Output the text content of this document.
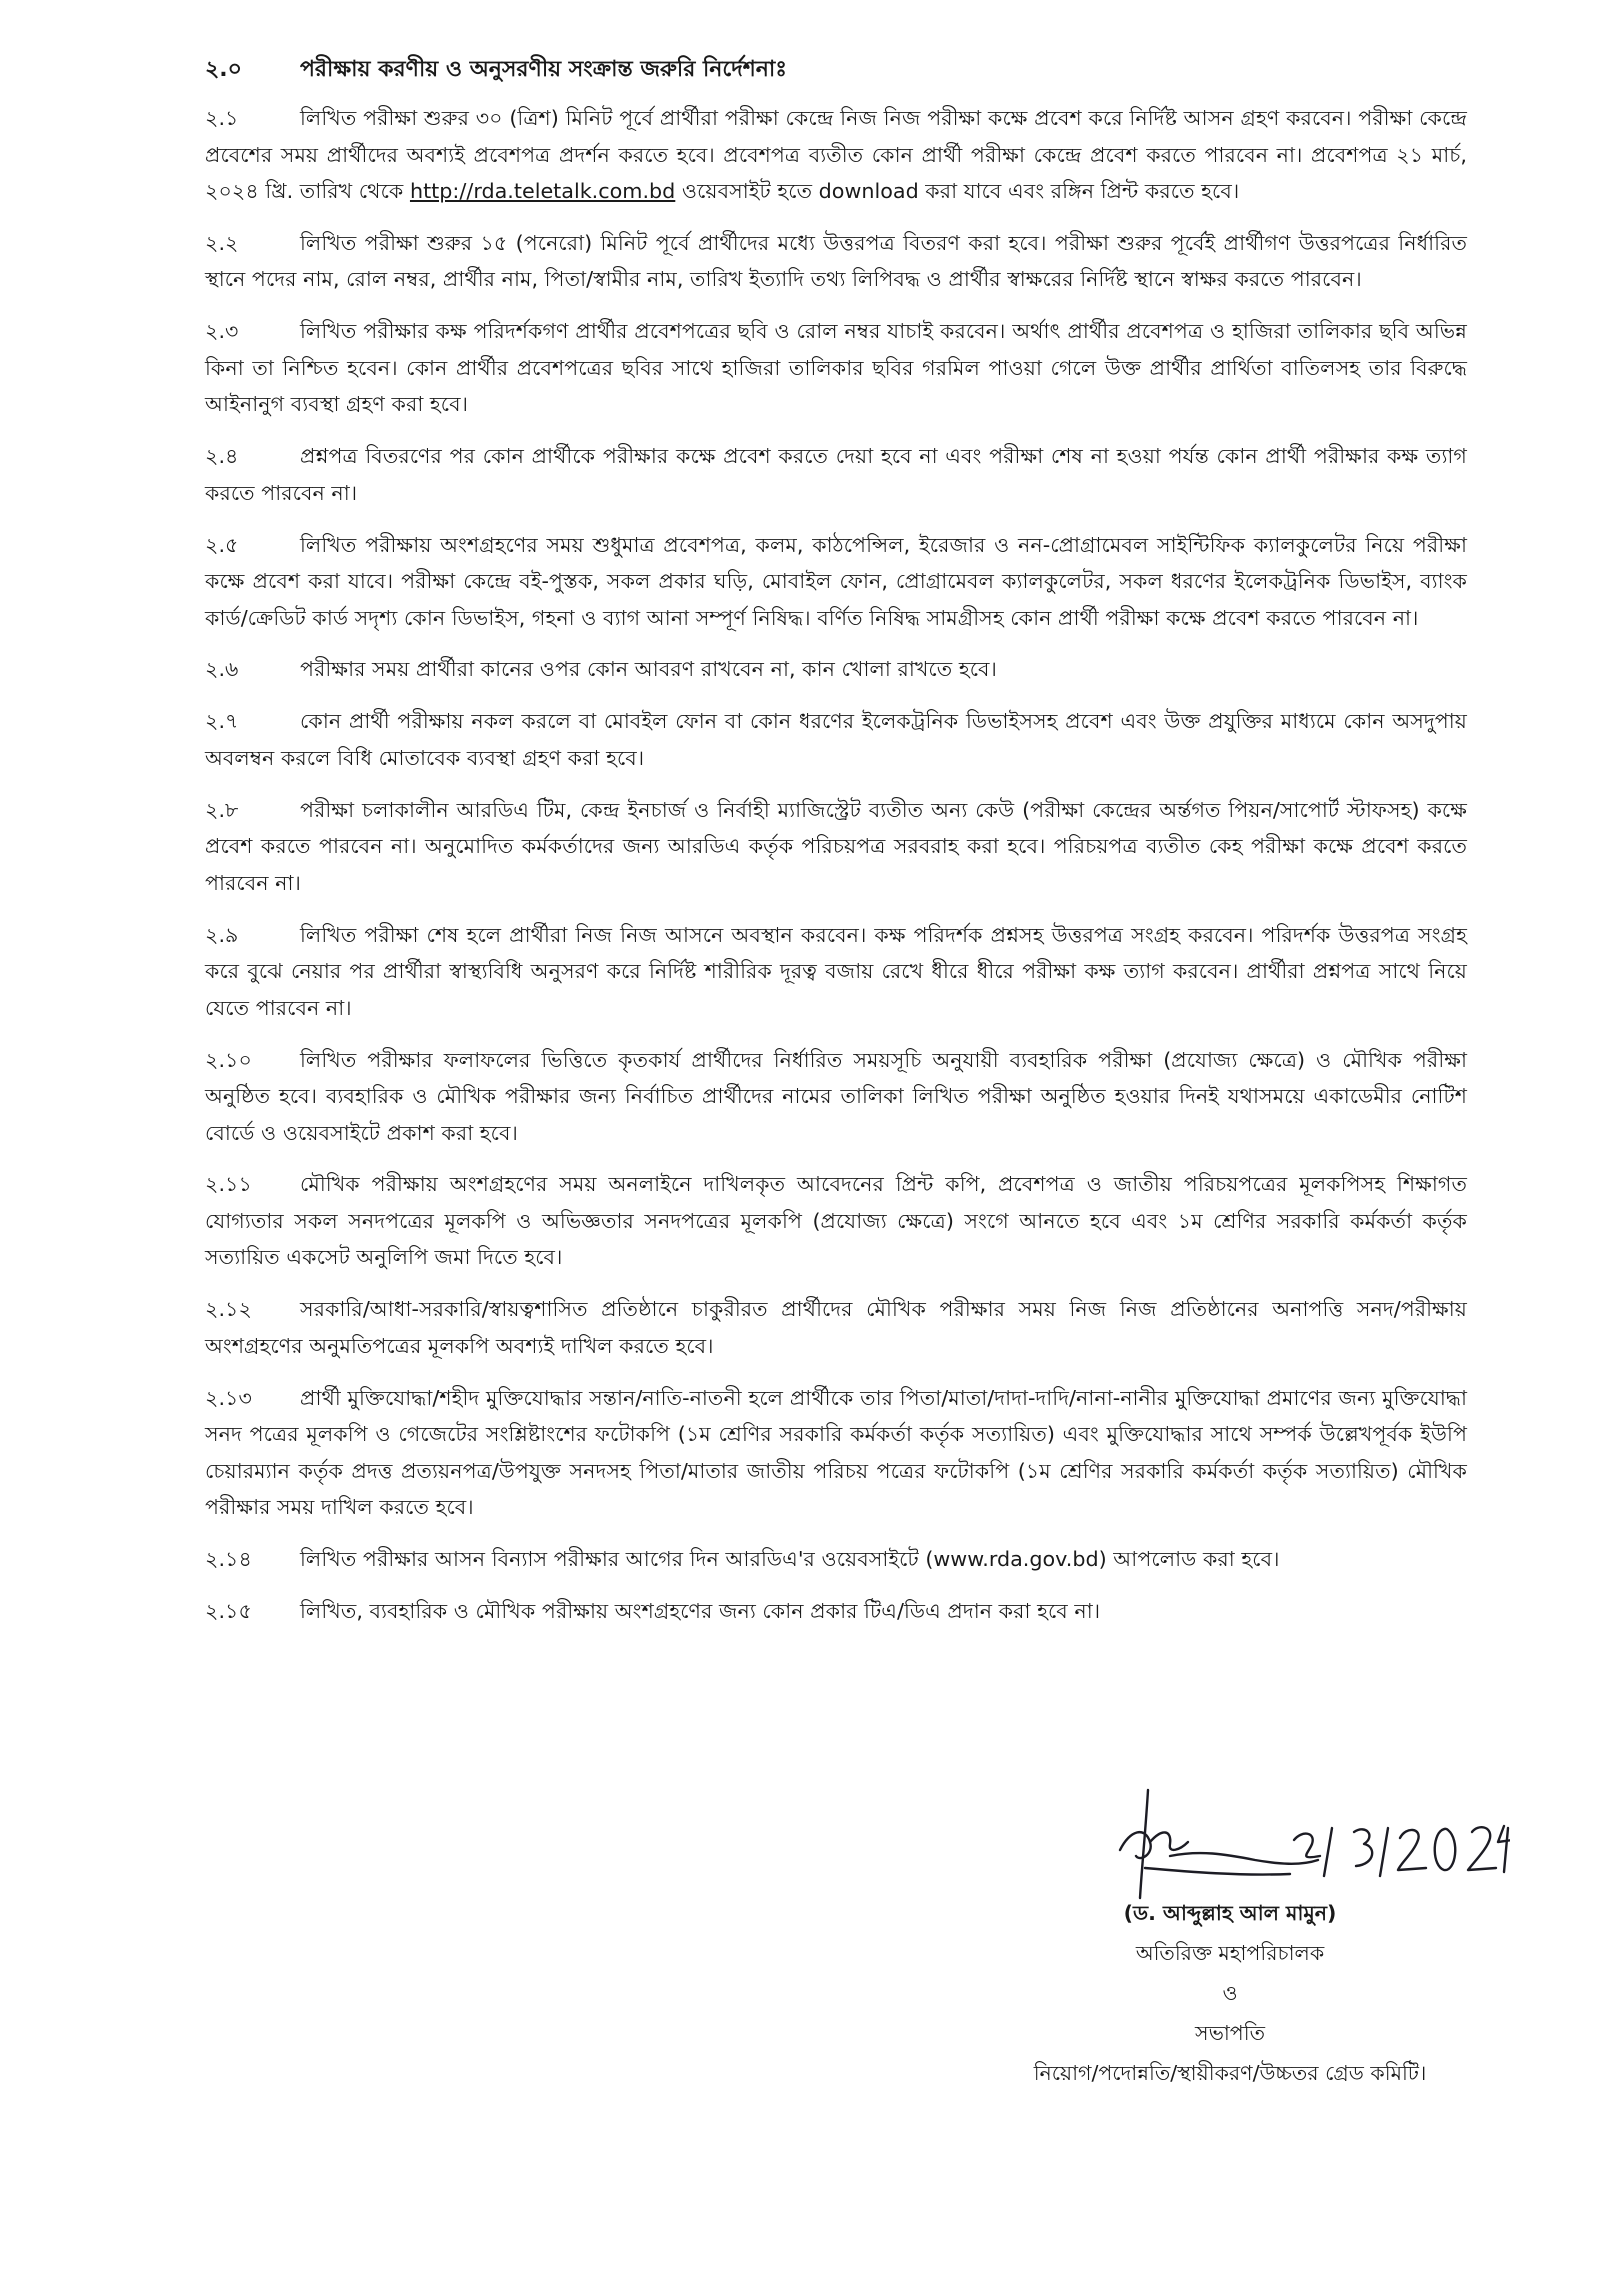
২.০	পরীক্ষায় করণীয় ও অনুসরণীয় সংক্রান্ত জরুরি নির্দেশনাঃ
২.১	লিখিত পরীক্ষা শুরুর ৩০ (ত্রিশ) মিনিট পূর্বে প্রার্থীরা পরীক্ষা কেন্দ্রে নিজ নিজ পরীক্ষা কক্ষে প্রবেশ করে নির্দিষ্ট আসন গ্রহণ করবেন। পরীক্ষা কেন্দ্রে প্রবেশের সময় প্রার্থীদের অবশ্যই প্রবেশপত্র প্রদর্শন করতে হবে। প্রবেশপত্র ব্যতীত কোন প্রার্থী পরীক্ষা কেন্দ্রে প্রবেশ করতে পারবেন না। প্রবেশপত্র ২১ মার্চ, ২০২৪ খ্রি. তারিখ থেকে http://rda.teletalk.com.bd ওয়েবসাইট হতে download করা যাবে এবং রঙ্গিন প্রিন্ট করতে হবে।
২.২	লিখিত পরীক্ষা শুরুর ১৫ (পনেরো) মিনিট পূর্বে প্রার্থীদের মধ্যে উত্তরপত্র বিতরণ করা হবে। পরীক্ষা শুরুর পূর্বেই প্রার্থীগণ উত্তরপত্রের নির্ধারিত স্থানে পদের নাম, রোল নম্বর, প্রার্থীর নাম, পিতা/স্বামীর নাম, তারিখ ইত্যাদি তথ্য লিপিবদ্ধ ও প্রার্থীর স্বাক্ষরের নির্দিষ্ট স্থানে স্বাক্ষর করতে পারবেন।
২.৩	লিখিত পরীক্ষার কক্ষ পরিদর্শকগণ প্রার্থীর প্রবেশপত্রের ছবি ও রোল নম্বর যাচাই করবেন। অর্থাৎ প্রার্থীর প্রবেশপত্র ও হাজিরা তালিকার ছবি অভিন্ন কিনা তা নিশ্চিত হবেন। কোন প্রার্থীর প্রবেশপত্রের ছবির সাথে হাজিরা তালিকার ছবির গরমিল পাওয়া গেলে উক্ত প্রার্থীর প্রার্থিতা বাতিলসহ তার বিরুদ্ধে আইনানুগ ব্যবস্থা গ্রহণ করা হবে।
২.৪	প্রশ্নপত্র বিতরণের পর কোন প্রার্থীকে পরীক্ষার কক্ষে প্রবেশ করতে দেয়া হবে না এবং পরীক্ষা শেষ না হওয়া পর্যন্ত কোন প্রার্থী পরীক্ষার কক্ষ ত্যাগ করতে পারবেন না।
২.৫	লিখিত পরীক্ষায় অংশগ্রহণের সময় শুধুমাত্র প্রবেশপত্র, কলম, কাঠপেন্সিল, ইরেজার ও নন-প্রোগ্রামেবল সাইন্টিফিক ক্যালকুলেটর নিয়ে পরীক্ষা কক্ষে প্রবেশ করা যাবে। পরীক্ষা কেন্দ্রে বই-পুস্তক, সকল প্রকার ঘড়ি, মোবাইল ফোন, প্রোগ্রামেবল ক্যালকুলেটর, সকল ধরণের ইলেকট্রনিক ডিভাইস, ব্যাংক কার্ড/ক্রেডিট কার্ড সদৃশ্য কোন ডিভাইস, গহনা ও ব্যাগ আনা সম্পূর্ণ নিষিদ্ধ। বর্ণিত নিষিদ্ধ সামগ্রীসহ কোন প্রার্থী পরীক্ষা কক্ষে প্রবেশ করতে পারবেন না।
২.৬	পরীক্ষার সময় প্রার্থীরা কানের ওপর কোন আবরণ রাখবেন না, কান খোলা রাখতে হবে।
২.৭	কোন প্রার্থী পরীক্ষায় নকল করলে বা মোবইল ফোন বা কোন ধরণের ইলেকট্রনিক ডিভাইসসহ প্রবেশ এবং উক্ত প্রযুক্তির মাধ্যমে কোন অসদুপায় অবলম্বন করলে বিধি মোতাবেক ব্যবস্থা গ্রহণ করা হবে।
২.৮	পরীক্ষা চলাকালীন আরডিএ টিম, কেন্দ্র ইনচার্জ ও নির্বাহী ম্যাজিস্ট্রেট ব্যতীত অন্য কেউ (পরীক্ষা কেন্দ্রের অর্ন্তগত পিয়ন/সাপোর্ট স্টাফসহ) কক্ষে প্রবেশ করতে পারবেন না। অনুমোদিত কর্মকর্তাদের জন্য আরডিএ কর্তৃক পরিচয়পত্র সরবরাহ করা হবে। পরিচয়পত্র ব্যতীত কেহ পরীক্ষা কক্ষে প্রবেশ করতে পারবেন না।
২.৯	লিখিত পরীক্ষা শেষ হলে প্রার্থীরা নিজ নিজ আসনে অবস্থান করবেন। কক্ষ পরিদর্শক প্রশ্নসহ উত্তরপত্র সংগ্রহ করবেন। পরিদর্শক উত্তরপত্র সংগ্রহ করে বুঝে নেয়ার পর প্রার্থীরা স্বাস্থ্যবিধি অনুসরণ করে নির্দিষ্ট শারীরিক দূরত্ব বজায় রেখে ধীরে ধীরে পরীক্ষা কক্ষ ত্যাগ করবেন। প্রার্থীরা প্রশ্নপত্র সাথে নিয়ে যেতে পারবেন না।
২.১০	লিখিত পরীক্ষার ফলাফলের ভিত্তিতে কৃতকার্য প্রার্থীদের নির্ধারিত সময়সূচি অনুযায়ী ব্যবহারিক পরীক্ষা (প্রযোজ্য ক্ষেত্রে) ও মৌখিক পরীক্ষা অনুষ্ঠিত হবে। ব্যবহারিক ও মৌখিক পরীক্ষার জন্য নির্বাচিত প্রার্থীদের নামের তালিকা লিখিত পরীক্ষা অনুষ্ঠিত হওয়ার দিনই যথাসময়ে একাডেমীর নোটিশ বোর্ডে ও ওয়েবসাইটে প্রকাশ করা হবে।
২.১১	মৌখিক পরীক্ষায় অংশগ্রহণের সময় অনলাইনে দাখিলকৃত আবেদনের প্রিন্ট কপি, প্রবেশপত্র ও জাতীয় পরিচয়পত্রের মূলকপিসহ শিক্ষাগত যোগ্যতার সকল সনদপত্রের মূলকপি ও অভিজ্ঞতার সনদপত্রের মূলকপি (প্রযোজ্য ক্ষেত্রে) সংগে আনতে হবে এবং ১ম শ্রেণির সরকারি কর্মকর্তা কর্তৃক সত্যায়িত একসেট অনুলিপি জমা দিতে হবে।
২.১২	সরকারি/আধা-সরকারি/স্বায়ত্বশাসিত প্রতিষ্ঠানে চাকুরীরত প্রার্থীদের মৌখিক পরীক্ষার সময় নিজ নিজ প্রতিষ্ঠানের অনাপত্তি সনদ/পরীক্ষায় অংশগ্রহণের অনুমতিপত্রের মূলকপি অবশ্যই দাখিল করতে হবে।
২.১৩	প্রার্থী মুক্তিযোদ্ধা/শহীদ মুক্তিযোদ্ধার সন্তান/নাতি-নাতনী হলে প্রার্থীকে তার পিতা/মাতা/দাদা-দাদি/নানা-নানীর মুক্তিযোদ্ধা প্রমাণের জন্য মুক্তিযোদ্ধা সনদ পত্রের মূলকপি ও গেজেটের সংশ্লিষ্টাংশের ফটোকপি (১ম শ্রেণির সরকারি কর্মকর্তা কর্তৃক সত্যায়িত) এবং মুক্তিযোদ্ধার সাথে সম্পর্ক উল্লেখপূর্বক ইউপি চেয়ারম্যান কর্তৃক প্রদত্ত প্রত্যয়নপত্র/উপযুক্ত সনদসহ পিতা/মাতার জাতীয় পরিচয় পত্রের ফটোকপি (১ম শ্রেণির সরকারি কর্মকর্তা কর্তৃক সত্যায়িত) মৌখিক পরীক্ষার সময় দাখিল করতে হবে।
২.১৪	লিখিত পরীক্ষার আসন বিন্যাস পরীক্ষার আগের দিন আরডিএ'র ওয়েবসাইটে (www.rda.gov.bd) আপলোড করা হবে।
২.১৫	লিখিত, ব্যবহারিক ও মৌখিক পরীক্ষায় অংশগ্রহণের জন্য কোন প্রকার টিএ/ডিএ প্রদান করা হবে না।
(ড. আব্দুল্লাহ আল মামুন)
অতিরিক্ত মহাপরিচালক
ও
সভাপতি
নিয়োগ/পদোন্নতি/স্থায়ীকরণ/উচ্চতর গ্রেড কমিটি।
